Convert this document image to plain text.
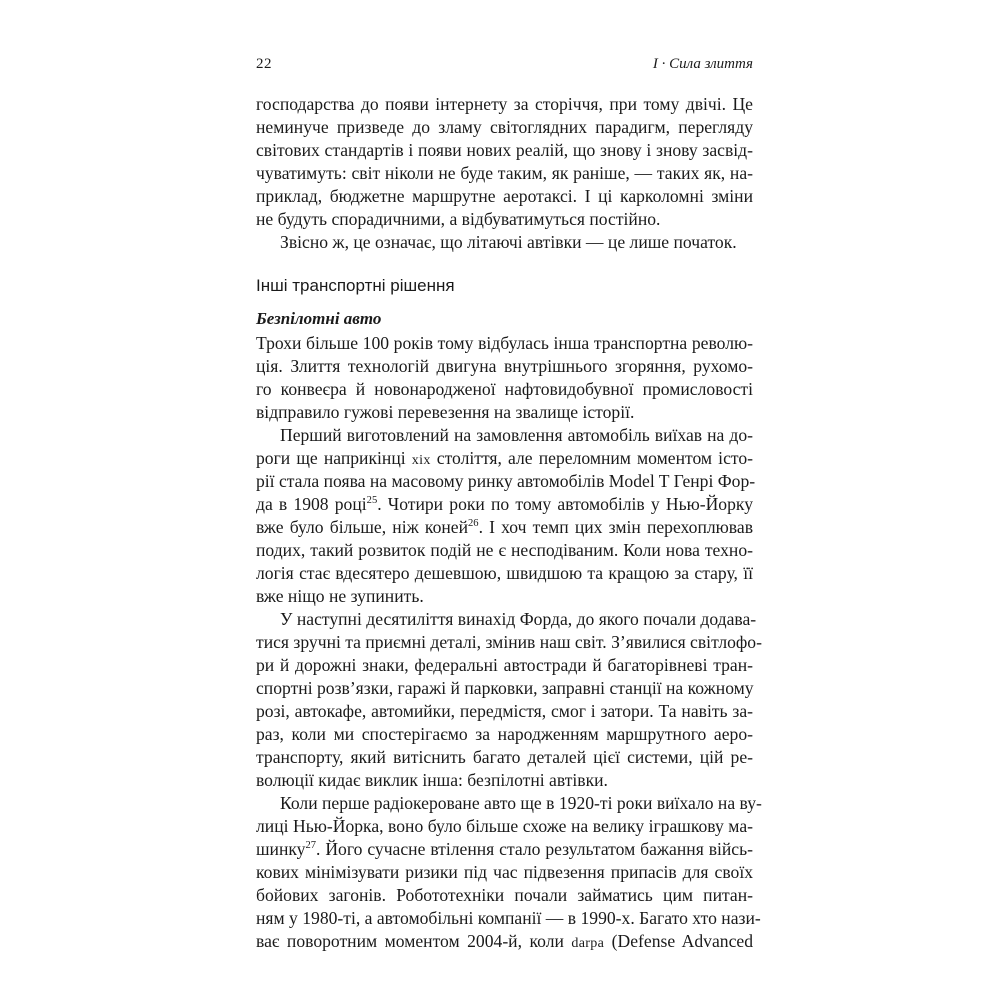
22	I · Сила злиття
господарства до появи інтернету за сторіччя, при тому двічі. Це
неминуче призведе до зламу світоглядних парадигм, перегляду
світових стандартів і появи нових реалій, що знову і знову засвід-
чуватимуть: світ ніколи не буде таким, як раніше, — таких як, на-
приклад, бюджетне маршрутне аеротаксі. І ці карколомні зміни
не будуть спорадичними, а відбуватимуться постійно.
Звісно ж, це означає, що літаючі автівки — це лише початок.
Інші транспортні рішення
Безпілотні авто
Трохи більше 100 років тому відбулась інша транспортна револю-
ція. Злиття технологій двигуна внутрішнього згоряння, рухомо-
го конвеєра й новонародженої нафтовидобувної промисловості
відправило гужові перевезення на звалище історії.
Перший виготовлений на замовлення автомобіль виїхав на до-
роги ще наприкінці xix століття, але переломним моментом істо-
рії стала поява на масовому ринку автомобілів Model T Генрі Фор-
да в 1908 році$^{25}$. Чотири роки по тому автомобілів у Нью-Йорку
вже було більше, ніж коней$^{26}$. І хоч темп цих змін перехоплював
подих, такий розвиток подій не є несподіваним. Коли нова техно-
логія стає вдесятеро дешевшою, швидшою та кращою за стару, її
вже ніщо не зупинить.
У наступні десятиліття винахід Форда, до якого почали додава-
тися зручні та приємні деталі, змінив наш світ. З’явилися світлофо-
ри й дорожні знаки, федеральні автостради й багаторівневі тран-
спортні розв’язки, гаражі й парковки, заправні станції на кожному
розі, автокафе, автомийки, передмістя, смог і затори. Та навіть за-
раз, коли ми спостерігаємо за народженням маршрутного аеро-
транспорту, який витіснить багато деталей цієї системи, цій ре-
волюції кидає виклик інша: безпілотні автівки.
Коли перше радіокероване авто ще в 1920-ті роки виїхало на ву-
лиці Нью-Йорка, воно було більше схоже на велику іграшкову ма-
шинку$^{27}$. Його сучасне втілення стало результатом бажання війсь-
кових мінімізувати ризики під час підвезення припасів для своїх
бойових загонів. Робототехніки почали займатись цим питан-
ням у 1980-ті, а автомобільні компанії — в 1990-х. Багато хто нази-
ває поворотним моментом 2004-й, коли darpa (Defense Advanced
